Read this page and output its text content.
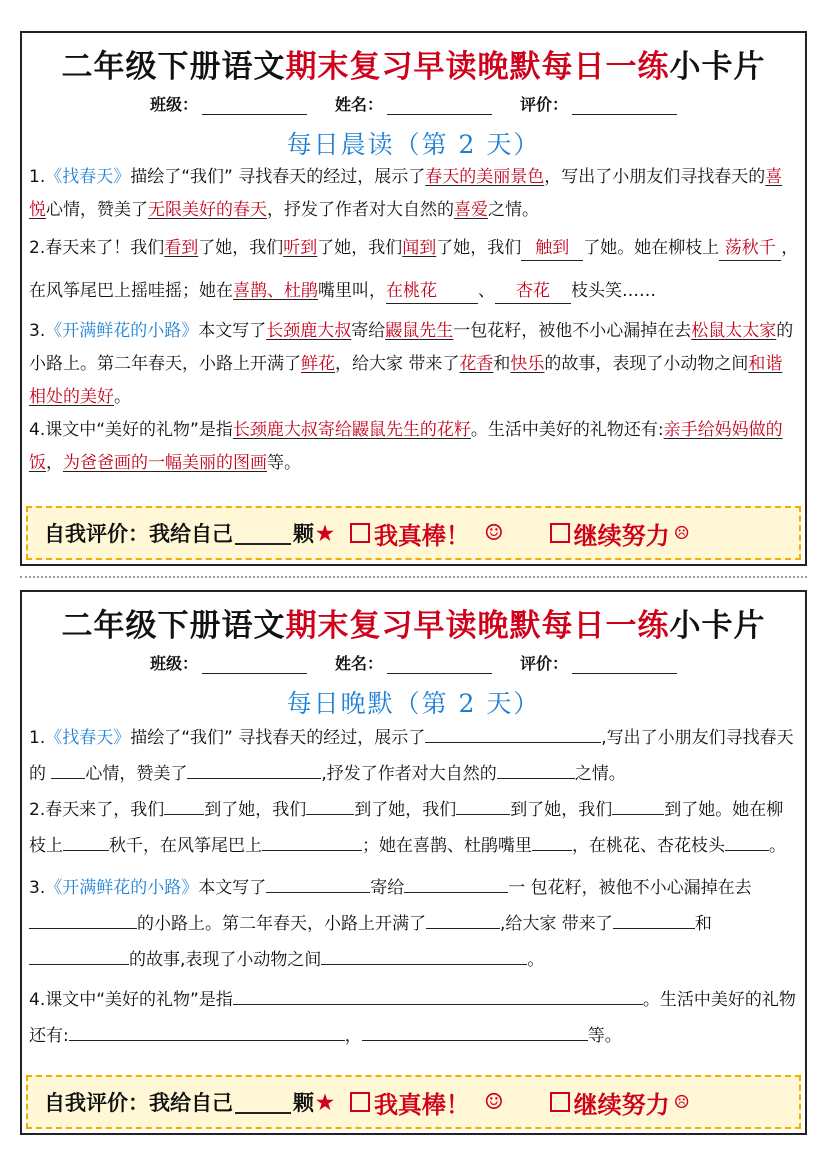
二年级下册语文期末复习早读晚默每日一练小卡片
班级：	姓名：	评价：
每日晨读（第 2 天）

1.《找春天》描绘了“我们” 寻找春天的经过，展示了春天的美丽景色，写出了小朋友们寻找春天的喜悦心情，赞美了无限美好的春天，抒发了作者对大自然的喜爱之情。

2.春天来了！我们看到了她，我们听到了她，我们闻到了她，我们 触到 了她。她在柳枝上 荡秋千 ，在风筝尾巴上摇哇摇；她在喜鹊、杜鹃嘴里叫，在桃花 、 杏花 枝头笑……

3.《开满鲜花的小路》本文写了长颈鹿大叔寄给鼹鼠先生一包花籽，被他不小心漏掉在去松鼠太太家的小路上。第二年春天，小路上开满了鲜花，给大家 带来了花香和快乐的故事，表现了小动物之间和谐相处的美好。

4.课文中“美好的礼物”是指长颈鹿大叔寄给鼹鼠先生的花籽。生活中美好的礼物还有:亲手给妈妈做的饭，为爸爸画的一幅美丽的图画等。

自我评价：我给自己	颗 ★ 我真棒！ ☺	继续努力 ☹
二年级下册语文期末复习早读晚默每日一练小卡片
班级：	姓名：	评价：
每日晚默（第 2 天）

1.《找春天》描绘了“我们” 寻找春天的经过，展示了	,写出了小朋友们寻找春天的 心情，赞美了	,抒发了作者对大自然的	之情。

2.春天来了，我们 到了她，我们	到了她，我们	到了她，我们	到了她。她在柳枝上	秋千，在风筝尾巴上	；她在喜鹊、杜鹃嘴里 ，在桃花、杏花枝头	。

3.《开满鲜花的小路》本文写了	寄给	一 包花籽，被他不小心漏掉在去的小路上。第二年春天，小路上开满了	,给大家 带来了	和的故事,表现了小动物之间	。

4.课文中“美好的礼物”是指	。生活中美好的礼物还有:	，	等。

自我评价：我给自己	颗 ★ 我真棒！ ☺	继续努力 ☹
